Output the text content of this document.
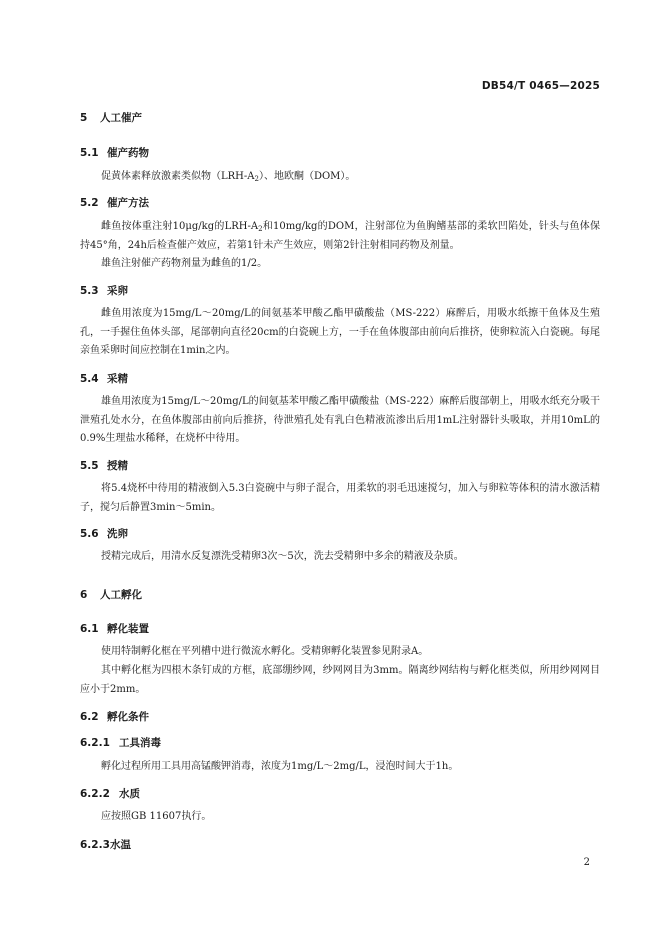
DB54/T 0465—2025
5 人工催产
5.1 催产药物

促黄体素释放激素类似物$(LRH-A_2)$、地欧酮（DOM）。

5.2 催产方法

雌鱼按体重注射10μg/kg的LRH-$A_2$和10mg/kg的DOM，注射部位为鱼胸鳍基部的柔软凹陷处，针头与鱼体保持45°角，24h后检查催产效应，若第1针未产生效应，则第2针注射相同药物及剂量。

雄鱼注射催产药物剂量为雌鱼的1/2。

5.3 采卵

雌鱼用浓度为15mg/L～20mg/L的间氨基苯甲酸乙酯甲磺酸盐（MS-222）麻醉后，用吸水纸擦干鱼体及生殖孔，一手握住鱼体头部，尾部朝向直径20cm的白瓷碗上方，一手在鱼体腹部由前向后推挤，使卵粒流入白瓷碗。每尾亲鱼采卵时间应控制在1min之内。

5.4 采精

雄鱼用浓度为15mg/L～20mg/L的间氨基苯甲酸乙酯甲磺酸盐（MS-222）麻醉后腹部朝上，用吸水纸充分吸干泄殖孔处水分，在鱼体腹部由前向后推挤，待泄殖孔处有乳白色精液流渗出后用1mL注射器针头吸取，并用10mL的0.9%生理盐水稀释，在烧杯中待用。

5.5 授精

将5.4烧杯中待用的精液倒入5.3白瓷碗中与卵子混合，用柔软的羽毛迅速搅匀，加入与卵粒等体积的清水激活精子，搅匀后静置3min～5min。

5.6 洗卵

授精完成后，用清水反复漂洗受精卵3次～5次，洗去受精卵中多余的精液及杂质。

6 人工孵化
6.1 孵化装置

使用特制孵化框在平列槽中进行微流水孵化。受精卵孵化装置参见附录A。

其中孵化框为四根木条钉成的方框，底部绷纱网，纱网网目为3mm。隔离纱网结构与孵化框类似，所用纱网网目应小于2mm。

6.2 孵化条件
6.2.1 工具消毒

孵化过程所用工具用高锰酸钾消毒，浓度为1mg/L～2mg/L，浸泡时间大于1h。

6.2.2 水质

应按照GB 11607执行。

6.2.3水温
2
